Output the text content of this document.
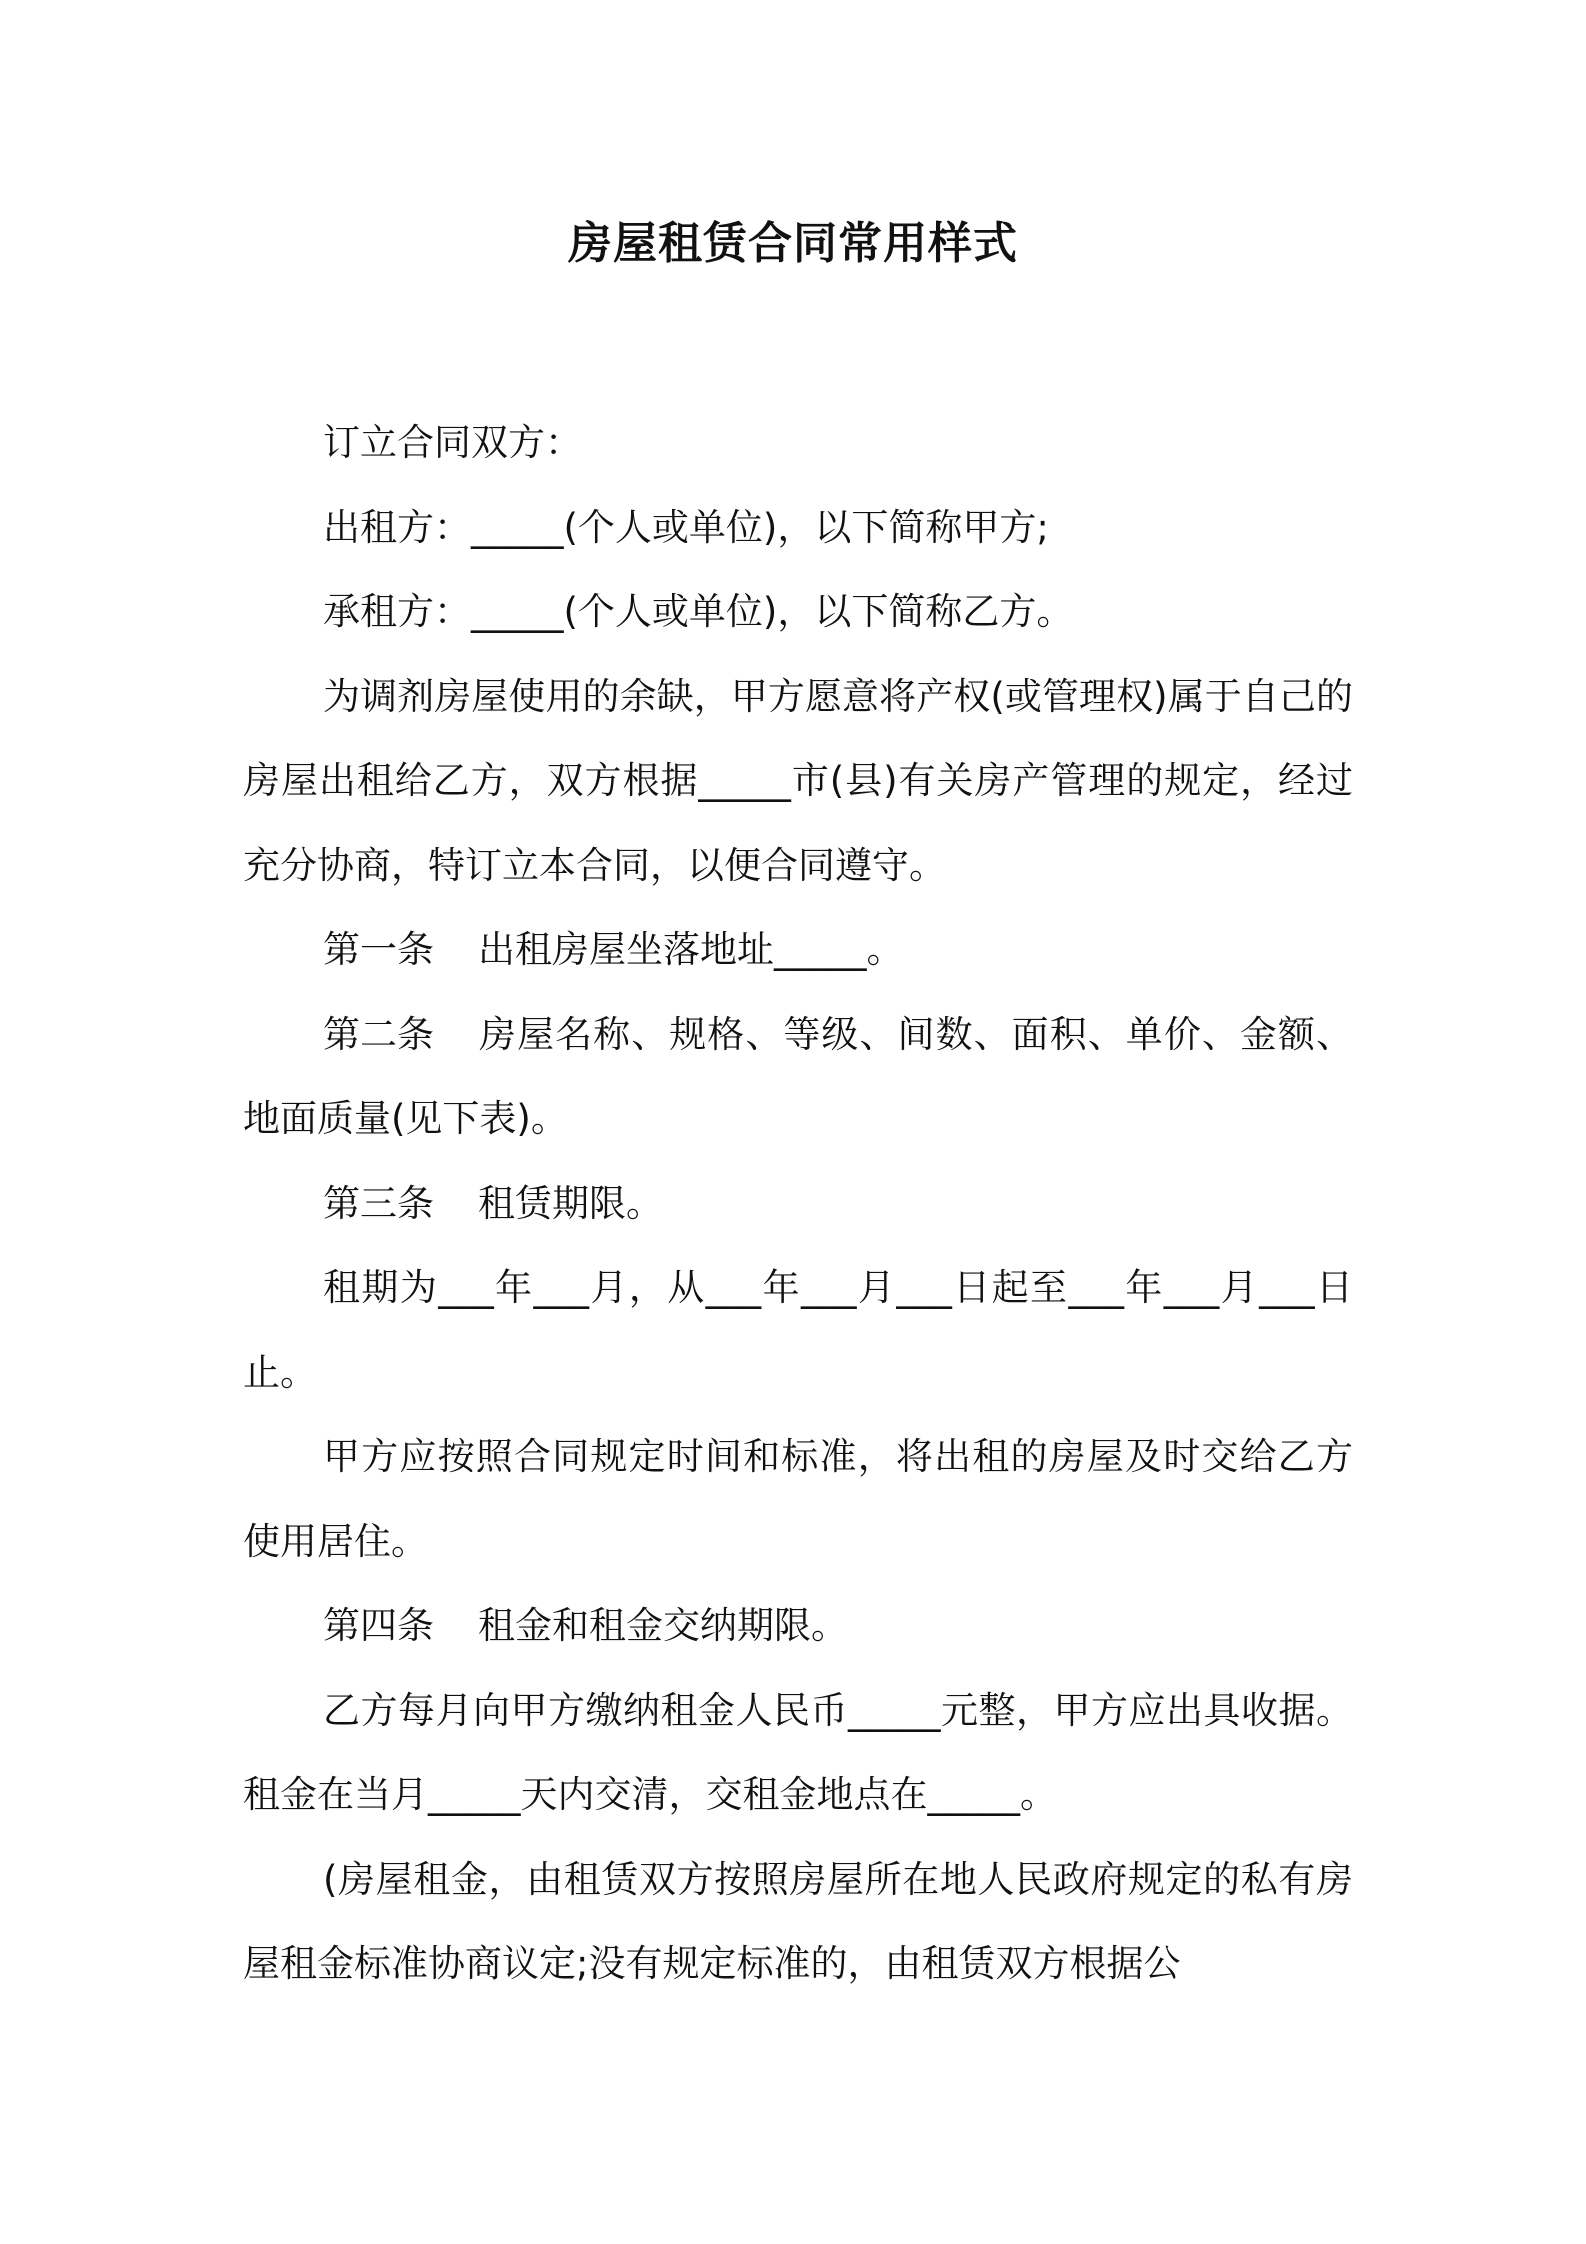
房屋租赁合同常用样式

订立合同双方：

出租方：_____(个人或单位)，以下简称甲方;

承租方：_____(个人或单位)，以下简称乙方。

为调剂房屋使用的余缺，甲方愿意将产权(或管理权)属于自己的房屋出租给乙方，双方根据_____市(县)有关房产管理的规定，经过充分协商，特订立本合同，以便合同遵守。

第一条 出租房屋坐落地址_____。

第二条 房屋名称、规格、等级、间数、面积、单价、金额、地面质量(见下表)。

第三条 租赁期限。

租期为___年___月，从___年___月___日起至___年___月___日止。

甲方应按照合同规定时间和标准，将出租的房屋及时交给乙方使用居住。

第四条 租金和租金交纳期限。

乙方每月向甲方缴纳租金人民币_____元整，甲方应出具收据。租金在当月_____天内交清，交租金地点在_____。

(房屋租金，由租赁双方按照房屋所在地人民政府规定的私有房屋租金标准协商议定;没有规定标准的，由租赁双方根据公
